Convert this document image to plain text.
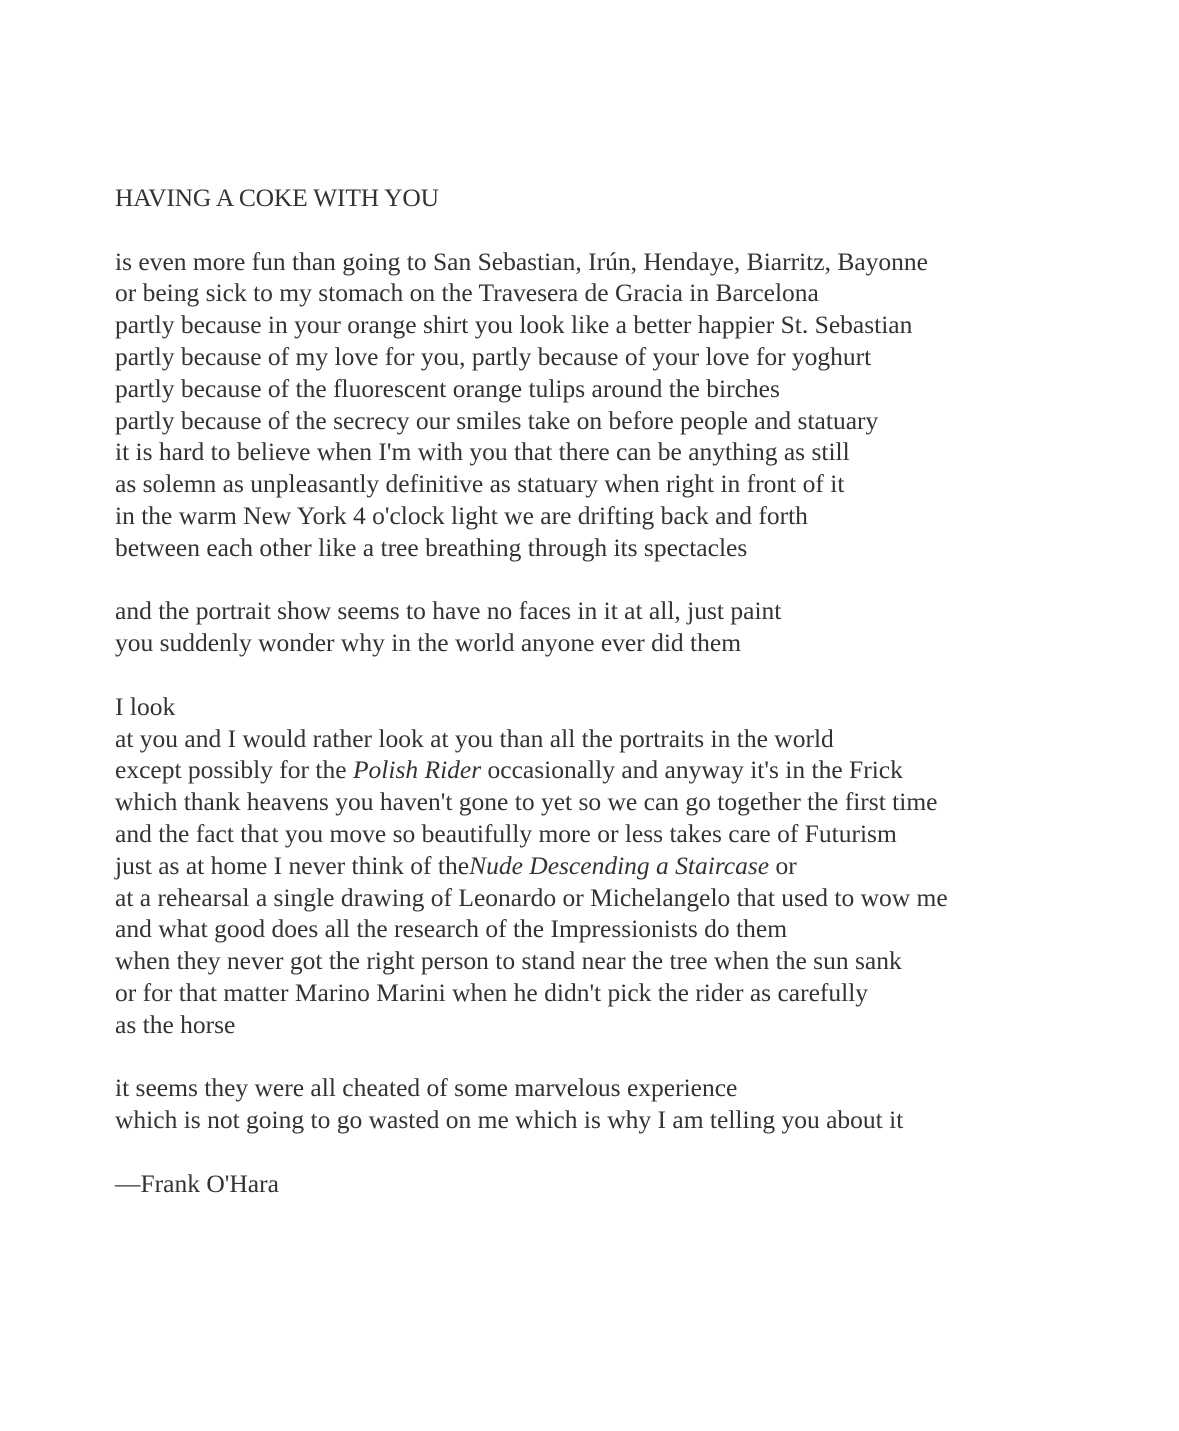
HAVING A COKE WITH YOU
is even more fun than going to San Sebastian, Irún, Hendaye, Biarritz, Bayonne
or being sick to my stomach on the Travesera de Gracia in Barcelona
partly because in your orange shirt you look like a better happier St. Sebastian
partly because of my love for you, partly because of your love for yoghurt
partly because of the fluorescent orange tulips around the birches
partly because of the secrecy our smiles take on before people and statuary
it is hard to believe when I'm with you that there can be anything as still
as solemn as unpleasantly definitive as statuary when right in front of it
in the warm New York 4 o'clock light we are drifting back and forth
between each other like a tree breathing through its spectacles
and the portrait show seems to have no faces in it at all, just paint
you suddenly wonder why in the world anyone ever did them
I look
at you and I would rather look at you than all the portraits in the world
except possibly for the Polish Rider occasionally and anyway it's in the Frick
which thank heavens you haven't gone to yet so we can go together the first time
and the fact that you move so beautifully more or less takes care of Futurism
just as at home I never think of theNude Descending a Staircase or
at a rehearsal a single drawing of Leonardo or Michelangelo that used to wow me
and what good does all the research of the Impressionists do them
when they never got the right person to stand near the tree when the sun sank
or for that matter Marino Marini when he didn't pick the rider as carefully
as the horse
it seems they were all cheated of some marvelous experience
which is not going to go wasted on me which is why I am telling you about it
—Frank O'Hara
